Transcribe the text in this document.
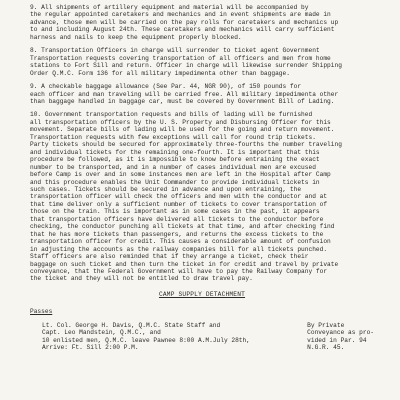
9. All shipments of artillery equipment and material will be accompanied by
the regular appointed caretakers and mechanics and in event shipments are made in
advance, those men will be carried on the pay rolls for caretakers and mechanics up
to and including August 24th. These caretakers and mechanics will carry sufficient
harness and nails to keep the equipment properly blocked.
8. Transportation Officers in charge will surrender to ticket agent Government
Transportation requests covering transportation of all officers and men from home
stations to Fort Sill and return. Officer in charge will likewise surrender Shipping
Order Q.M.C. Form 136 for all military impedimenta other than baggage.
9. A checkable baggage allowance (See Par. 44, NGR 90), of 150 pounds for
each officer and man traveling will be carried free. All military impedimenta other
than baggage handled in baggage car, must be covered by Government Bill of Lading.
10. Government transportation requests and bills of lading will be furnished
all transportation officers by the U. S. Property and Disbursing Officer for this
movement. Separate bills of lading will be used for the going and return movement.
Transportation requests with few exceptions will call for round trip tickets.
Party tickets should be secured for approximately three-fourths the number traveling
and individual tickets for the remaining one-fourth. It is important that this
procedure be followed, as it is impossible to know before entraining the exact
number to be transported, and in a number of cases individual men are excused
before Camp is over and in some instances men are left in the Hospital after Camp
and this procedure enables the Unit Commander to provide individual tickets in
such cases. Tickets should be secured in advance and upon entraining, the
transportation officer will check the officers and men with the conductor and at
that time deliver only a sufficient number of tickets to cover transportation of
those on the train. This is important as in some cases in the past, it appears
that transportation officers have delivered all tickets to the conductor before
checking, the conductor punching all tickets at that time, and after checking find
that he has more tickets than passengers, and returns the excess tickets to the
transportation officer for credit. This causes a considerable amount of confusion
in adjusting the accounts as the railway companies bill for all tickets punched.
Staff officers are also reminded that if they arrange a ticket, check their
baggage on such ticket and then turn the ticket in for credit and travel by private
conveyance, that the Federal Government will have to pay the Railway Company for
the ticket and they will not be entitled to draw travel pay.
CAMP SUPPLY DETACHMENT
Passes
Lt. Col. George H. Davis, Q.M.C. State Staff and
Capt. Leo Mandstein, Q.M.C., and
10 enlisted men, Q.M.C. leave Pawnee 8:00 A.M.July 28th,
Arrive: Ft. Sill 2:00 P.M.
By Private
Conveyance as pro-
vided in Par. 94
N.G.R. 45.
